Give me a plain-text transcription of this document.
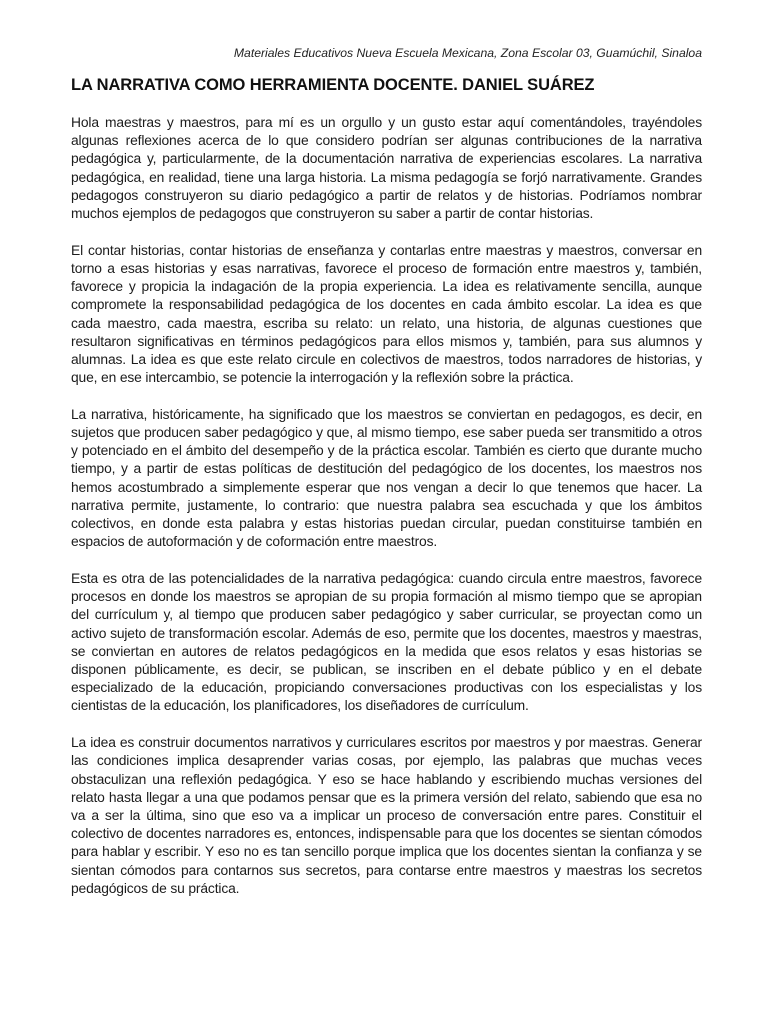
Materiales Educativos Nueva Escuela Mexicana, Zona Escolar 03, Guamúchil, Sinaloa
LA NARRATIVA COMO HERRAMIENTA DOCENTE. DANIEL SUÁREZ

Hola maestras y maestros, para mí es un orgullo y un gusto estar aquí comentándoles, trayéndoles algunas reflexiones acerca de lo que considero podrían ser algunas contribuciones de la narrativa pedagógica y, particularmente, de la documentación narrativa de experiencias escolares. La narrativa pedagógica, en realidad, tiene una larga historia. La misma pedagogía se forjó narrativamente. Grandes pedagogos construyeron su diario pedagógico a partir de relatos y de historias. Podríamos nombrar muchos ejemplos de pedagogos que construyeron su saber a partir de contar historias.

El contar historias, contar historias de enseñanza y contarlas entre maestras y maestros, conversar en torno a esas historias y esas narrativas, favorece el proceso de formación entre maestros y, también, favorece y propicia la indagación de la propia experiencia. La idea es relativamente sencilla, aunque compromete la responsabilidad pedagógica de los docentes en cada ámbito escolar. La idea es que cada maestro, cada maestra, escriba su relato: un relato, una historia, de algunas cuestiones que resultaron significativas en términos pedagógicos para ellos mismos y, también, para sus alumnos y alumnas. La idea es que este relato circule en colectivos de maestros, todos narradores de historias, y que, en ese intercambio, se potencie la interrogación y la reflexión sobre la práctica.

La narrativa, históricamente, ha significado que los maestros se conviertan en pedagogos, es decir, en sujetos que producen saber pedagógico y que, al mismo tiempo, ese saber pueda ser transmitido a otros y potenciado en el ámbito del desempeño y de la práctica escolar. También es cierto que durante mucho tiempo, y a partir de estas políticas de destitución del pedagógico de los docentes, los maestros nos hemos acostumbrado a simplemente esperar que nos vengan a decir lo que tenemos que hacer. La narrativa permite, justamente, lo contrario: que nuestra palabra sea escuchada y que los ámbitos colectivos, en donde esta palabra y estas historias puedan circular, puedan constituirse también en espacios de autoformación y de coformación entre maestros.

Esta es otra de las potencialidades de la narrativa pedagógica: cuando circula entre maestros, favorece procesos en donde los maestros se apropian de su propia formación al mismo tiempo que se apropian del currículum y, al tiempo que producen saber pedagógico y saber curricular, se proyectan como un activo sujeto de transformación escolar. Además de eso, permite que los docentes, maestros y maestras, se conviertan en autores de relatos pedagógicos en la medida que esos relatos y esas historias se disponen públicamente, es decir, se publican, se inscriben en el debate público y en el debate especializado de la educación, propiciando conversaciones productivas con los especialistas y los cientistas de la educación, los planificadores, los diseñadores de currículum.

La idea es construir documentos narrativos y curriculares escritos por maestros y por maestras. Generar las condiciones implica desaprender varias cosas, por ejemplo, las palabras que muchas veces obstaculizan una reflexión pedagógica. Y eso se hace hablando y escribiendo muchas versiones del relato hasta llegar a una que podamos pensar que es la primera versión del relato, sabiendo que esa no va a ser la última, sino que eso va a implicar un proceso de conversación entre pares. Constituir el colectivo de docentes narradores es, entonces, indispensable para que los docentes se sientan cómodos para hablar y escribir. Y eso no es tan sencillo porque implica que los docentes sientan la confianza y se sientan cómodos para contarnos sus secretos, para contarse entre maestros y maestras los secretos pedagógicos de su práctica.
